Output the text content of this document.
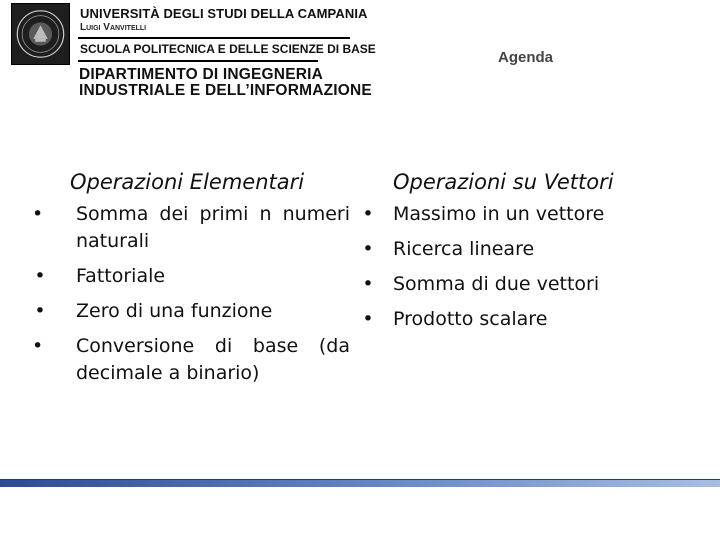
UNIVERSITÀ DEGLI STUDI DELLA CAMPANIA
Luigi Vanvitelli
SCUOLA POLITECNICA E DELLE SCIENZE DI BASE
DIPARTIMENTO DI INGEGNERIA
INDUSTRIALE E DELL’INFORMAZIONE
Agenda
Operazioni Elementari
• Somma dei primi n numeri naturali
• Fattoriale
• Zero di una funzione
• Conversione di base (da decimale a binario)
Operazioni su Vettori
• Massimo in un vettore
• Ricerca lineare
• Somma di due vettori
• Prodotto scalare
